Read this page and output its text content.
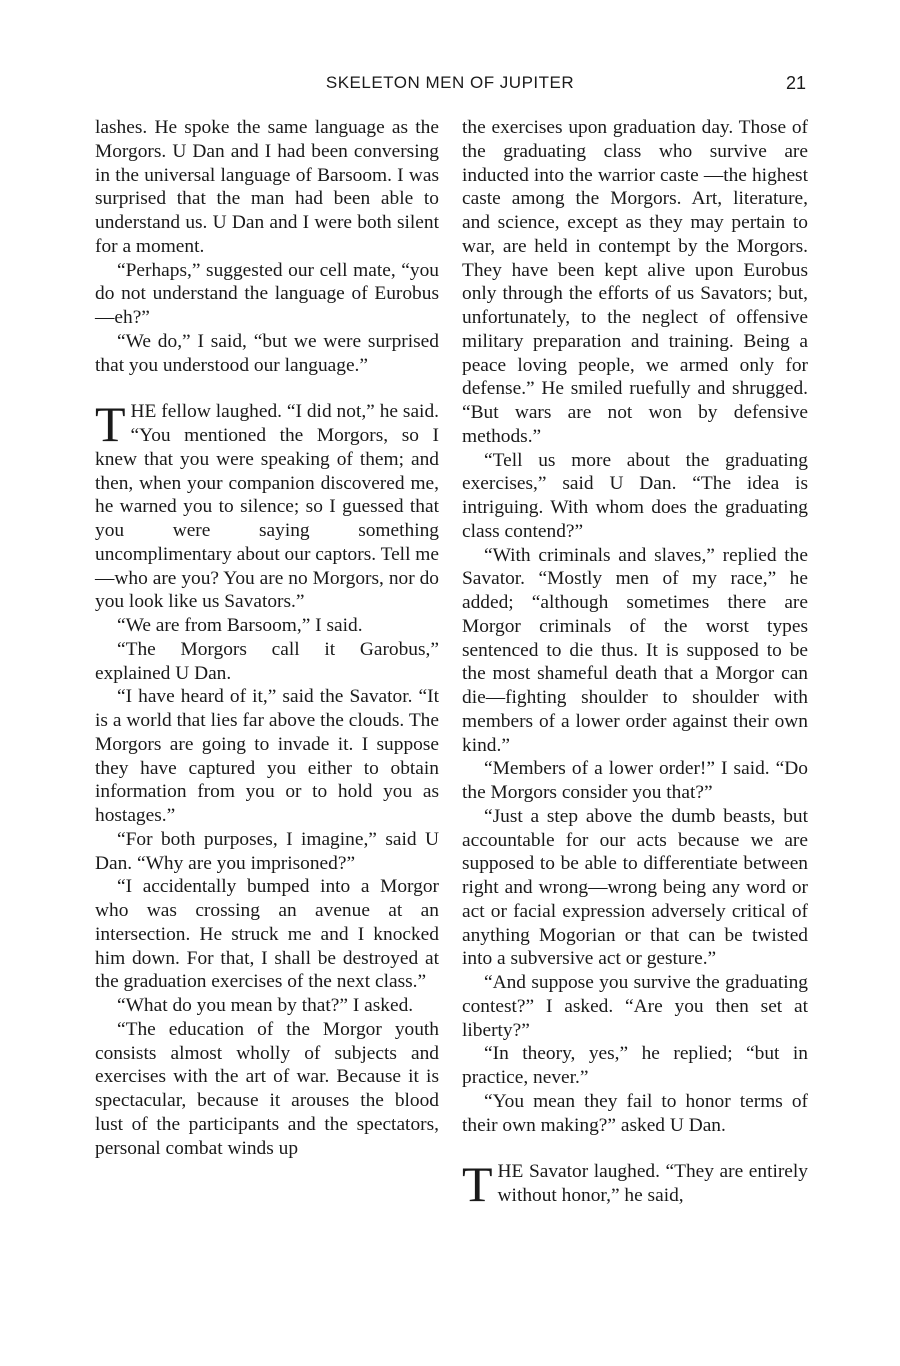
SKELETON MEN OF JUPITER	21

lashes. He spoke the same language as the Morgors. U Dan and I had been conversing in the universal language of Barsoom. I was surprised that the man had been able to understand us. U Dan and I were both silent for a moment.

“Perhaps,” suggested our cell mate, “you do not understand the language of Eurobus—eh?”

“We do,” I said, “but we were surprised that you understood our language.”

THE fellow laughed. “I did not,” he said. “You mentioned the Morgors, so I knew that you were speaking of them; and then, when your companion discovered me, he warned you to silence; so I guessed that you were saying something uncomplimentary about our captors. Tell me—who are you? You are no Morgors, nor do you look like us Savators.”

“We are from Barsoom,” I said.

“The Morgors call it Garobus,” explained U Dan.

“I have heard of it,” said the Savator. “It is a world that lies far above the clouds. The Morgors are going to invade it. I suppose they have captured you either to obtain information from you or to hold you as hostages.”

“For both purposes, I imagine,” said U Dan. “Why are you imprisoned?”

“I accidentally bumped into a Morgor who was crossing an avenue at an intersection. He struck me and I knocked him down. For that, I shall be destroyed at the graduation exercises of the next class.”

“What do you mean by that?” I asked.

“The education of the Morgor youth consists almost wholly of subjects and exercises with the art of war. Because it is spectacular, because it arouses the blood lust of the participants and the spectators, personal combat winds up

the exercises upon graduation day. Those of the graduating class who survive are inducted into the warrior caste —the highest caste among the Morgors. Art, literature, and science, except as they may pertain to war, are held in contempt by the Morgors. They have been kept alive upon Eurobus only through the efforts of us Savators; but, unfortunately, to the neglect of offensive military preparation and training. Being a peace loving people, we armed only for defense.” He smiled ruefully and shrugged. “But wars are not won by defensive methods.”

“Tell us more about the graduating exercises,” said U Dan. “The idea is intriguing. With whom does the graduating class contend?”

“With criminals and slaves,” replied the Savator. “Mostly men of my race,” he added; “although sometimes there are Morgor criminals of the worst types sentenced to die thus. It is supposed to be the most shameful death that a Morgor can die—fighting shoulder to shoulder with members of a lower order against their own kind.”

“Members of a lower order!” I said. “Do the Morgors consider you that?”

“Just a step above the dumb beasts, but accountable for our acts because we are supposed to be able to differentiate between right and wrong—wrong being any word or act or facial expression adversely critical of anything Mogorian or that can be twisted into a subversive act or gesture.”

“And suppose you survive the graduating contest?” I asked. “Are you then set at liberty?”

“In theory, yes,” he replied; “but in practice, never.”

“You mean they fail to honor terms of their own making?” asked U Dan.

THE Savator laughed. “They are entirely without honor,” he said,
